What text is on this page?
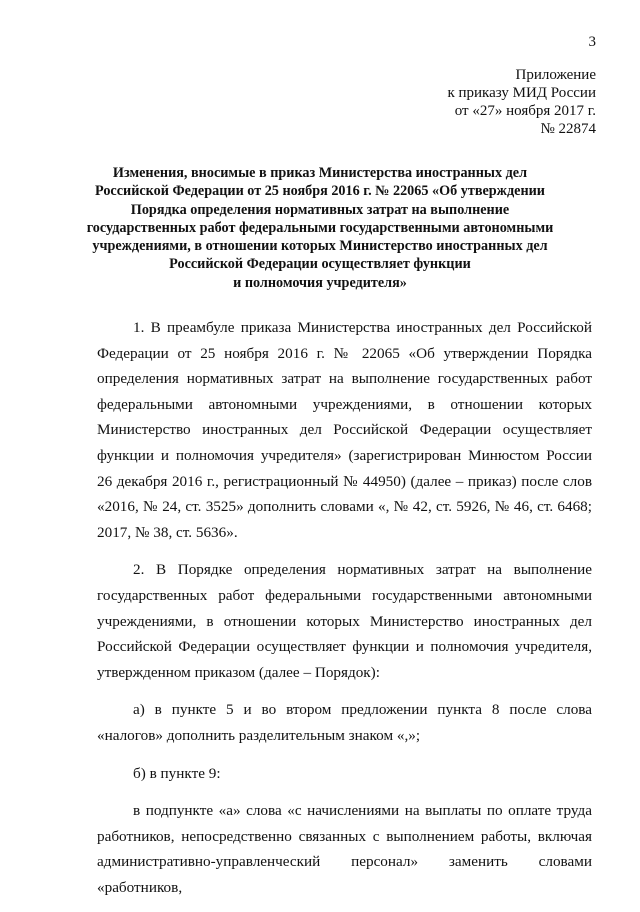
3
Приложение
к приказу МИД России
от «27» ноября 2017 г.
№ 22874
Изменения, вносимые в приказ Министерства иностранных дел
Российской Федерации от 25 ноября 2016 г. № 22065 «Об утверждении
Порядка определения нормативных затрат на выполнение
государственных работ федеральными государственными автономными
учреждениями, в отношении которых Министерство иностранных дел
Российской Федерации осуществляет функции
и полномочия учредителя»

1. В преамбуле приказа Министерства иностранных дел Российской Федерации от 25 ноября 2016 г. № 22065 «Об утверждении Порядка определения нормативных затрат на выполнение государственных работ федеральными автономными учреждениями, в отношении которых Министерство иностранных дел Российской Федерации осуществляет функции и полномочия учредителя» (зарегистрирован Минюстом России 26 декабря 2016 г., регистрационный № 44950) (далее – приказ) после слов «2016, № 24, ст. 3525» дополнить словами «, № 42, ст. 5926, № 46, ст. 6468; 2017, № 38, ст. 5636».

2. В Порядке определения нормативных затрат на выполнение государственных работ федеральными государственными автономными учреждениями, в отношении которых Министерство иностранных дел Российской Федерации осуществляет функции и полномочия учредителя, утвержденном приказом (далее – Порядок):

а) в пункте 5 и во втором предложении пункта 8 после слова «налогов» дополнить разделительным знаком «,»;

б) в пункте 9:

в подпункте «а» слова «с начислениями на выплаты по оплате труда работников, непосредственно связанных с выполнением работы, включая административно-управленческий персонал» заменить словами «работников,
